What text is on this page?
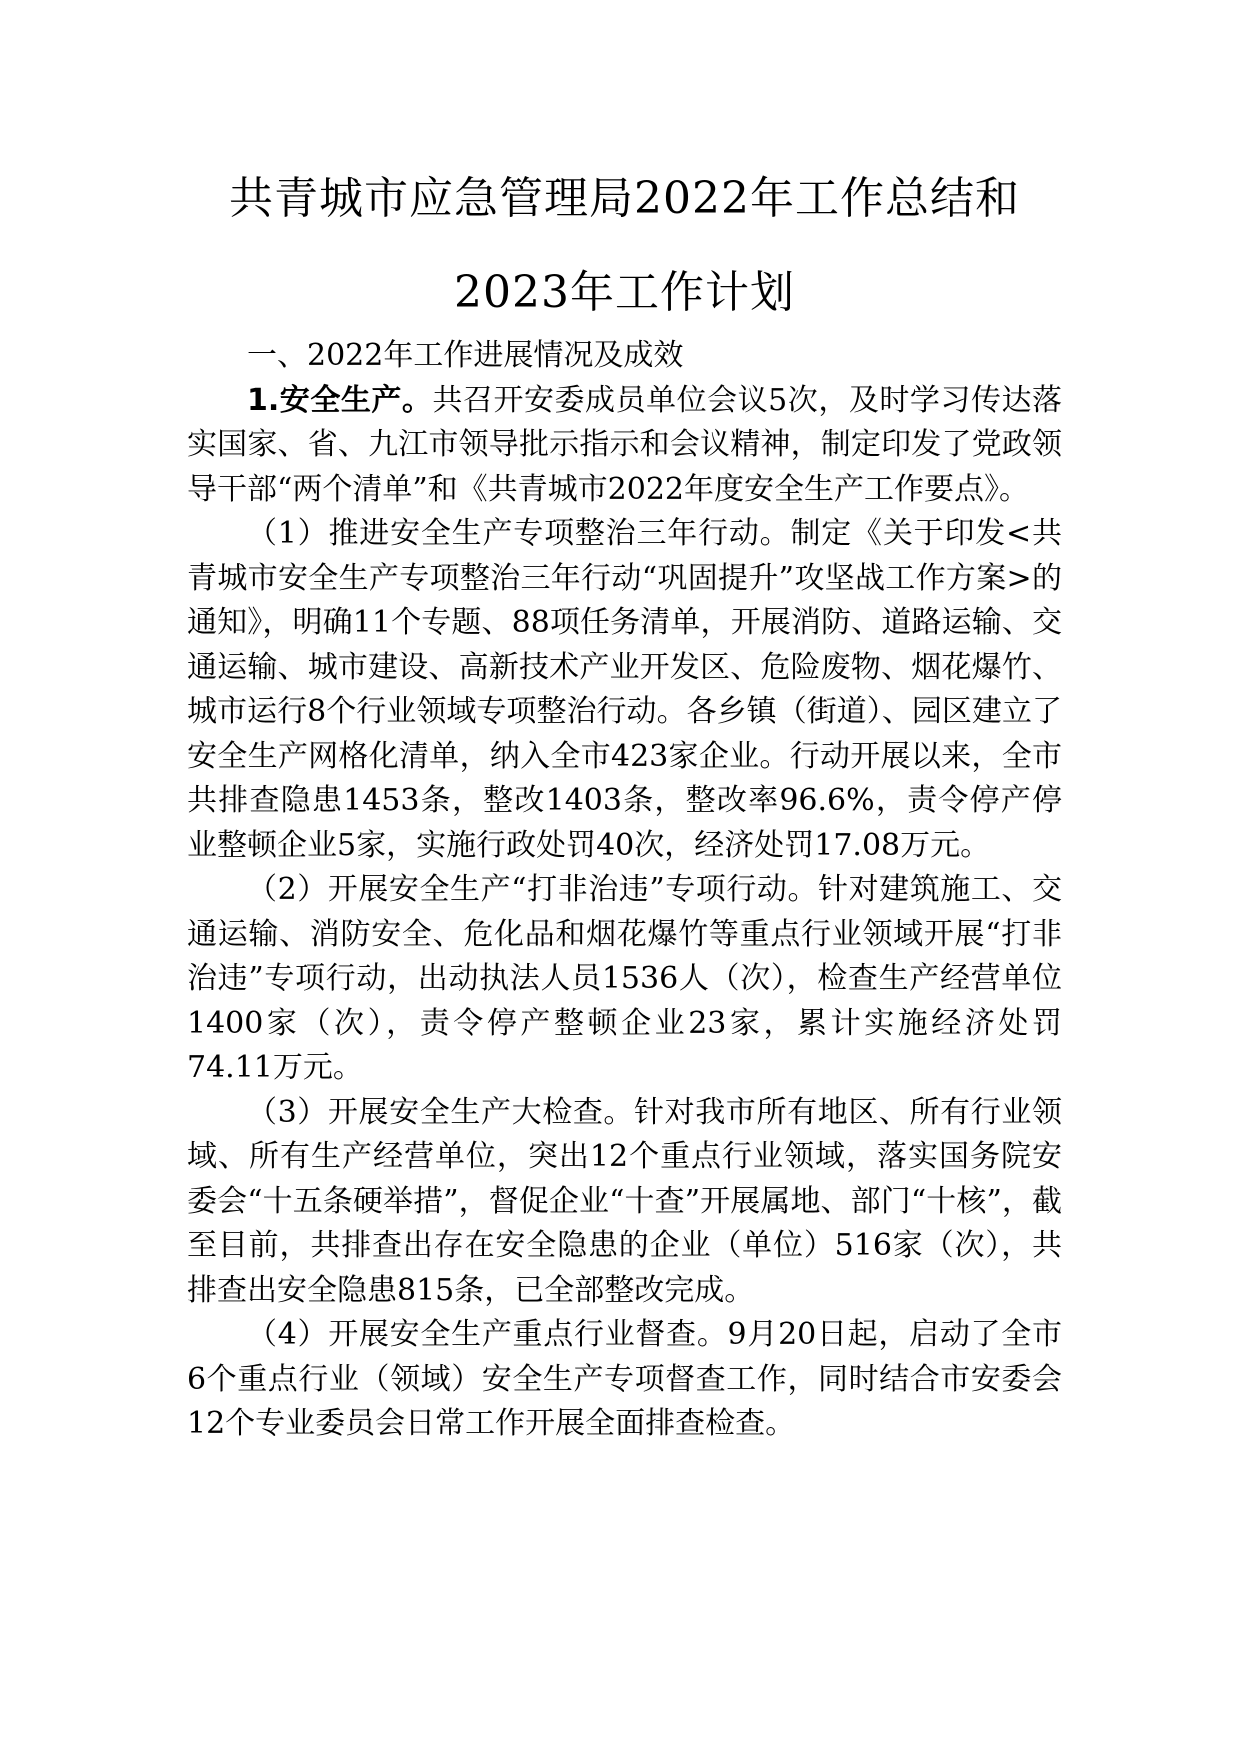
共青城市应急管理局2022年工作总结和
2023年工作计划

一、2022年工作进展情况及成效

1.安全生产。共召开安委成员单位会议5次，及时学习传达落实国家、省、九江市领导批示指示和会议精神，制定印发了党政领导干部“两个清单”和《共青城市2022年度安全生产工作要点》。

（1）推进安全生产专项整治三年行动。制定《关于印发<共青城市安全生产专项整治三年行动“巩固提升”攻坚战工作方案>的通知》，明确11个专题、88项任务清单，开展消防、道路运输、交通运输、城市建设、高新技术产业开发区、危险废物、烟花爆竹、城市运行8个行业领域专项整治行动。各乡镇（街道）、园区建立了安全生产网格化清单，纳入全市423家企业。行动开展以来，全市共排查隐患1453条，整改1403条，整改率96.6%，责令停产停业整顿企业5家，实施行政处罚40次，经济处罚17.08万元。

（2）开展安全生产“打非治违”专项行动。针对建筑施工、交通运输、消防安全、危化品和烟花爆竹等重点行业领域开展“打非治违”专项行动，出动执法人员1536人（次），检查生产经营单位1400家（次），责令停产整顿企业23家，累计实施经济处罚74.11万元。

（3）开展安全生产大检查。针对我市所有地区、所有行业领域、所有生产经营单位，突出12个重点行业领域，落实国务院安委会“十五条硬举措”，督促企业“十查”开展属地、部门“十核”，截至目前，共排查出存在安全隐患的企业（单位）516家（次），共排查出安全隐患815条，已全部整改完成。

（4）开展安全生产重点行业督查。9月20日起，启动了全市6个重点行业（领域）安全生产专项督查工作，同时结合市安委会12个专业委员会日常工作开展全面排查检查。
